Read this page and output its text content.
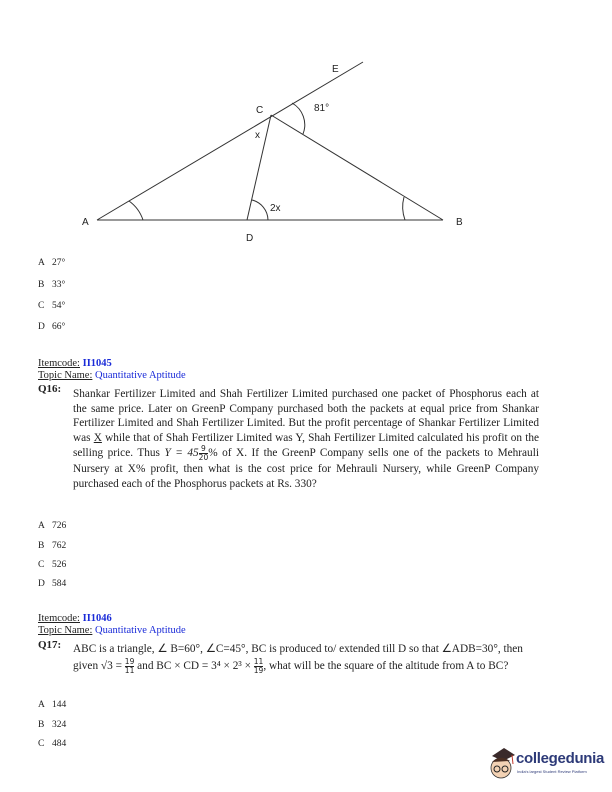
E
C
x
81°
2x
A	B
D
A 27°
B 33°
C 54°
D 66°
Itemcode: II1045
Topic Name: Quantitative Aptitude
Q16: Shankar Fertilizer Limited and Shah Fertilizer Limited purchased one packet of Phosphorus each at the same price. Later on GreenP Company purchased both the packets at equal price from Shankar Fertilizer Limited and Shah Fertilizer Limited. But the profit percentage of Shankar Fertilizer Limited was X while that of Shah Fertilizer Limited was Y, Shah Fertilizer Limited calculated his profit on the selling price. Thus $Y = 45 \frac{9}{20}$ % of X. If the GreenP Company sells one of the packets to Mehrauli Nursery at X% profit, then what is the cost price for Mehrauli Nursery, while GreenP Company purchased each of the Phosphorus packets at Rs. 330?
A 726
B 762
C 526
D 584
Itemcode: II1046
Topic Name: Quantitative Aptitude
Q17: ABC is a triangle, ∠ B=60°, ∠C=45°, BC is produced to/ extended till D so that ∠ADB=30°, then given $√3 = \frac{19}{11}$ and BC × CD = $3^4 \times 2^3 \times \frac{11}{19}$ , what will be the square of the altitude from A to BC?
A 144
B 324
C 484
collegedunia
India's largest Student Review Platform
